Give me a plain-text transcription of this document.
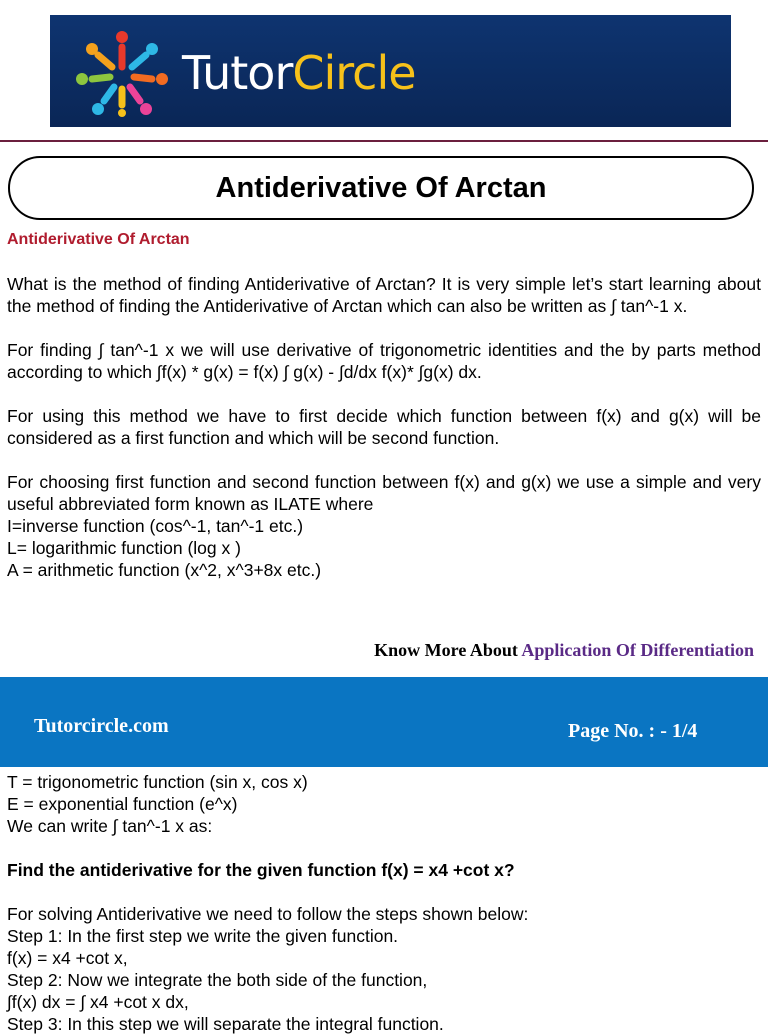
TutorCircle
Antiderivative Of Arctan

Antiderivative Of Arctan

What is the method of finding Antiderivative of Arctan? It is very simple let’s start learning about the method of finding the Antiderivative of Arctan which can also be written as ∫ tan^-1 x.

For finding ∫ tan^-1 x we will use derivative of trigonometric identities and the by parts method according to which ∫f(x) * g(x) = f(x) ∫ g(x) - ∫d/dx f(x)* ∫g(x) dx.

For using this method we have to first decide which function between f(x) and g(x) will be considered as a first function and which will be second function.

For choosing first function and second function between f(x) and g(x) we use a simple and very useful abbreviated form known as ILATE where

I=inverse function (cos^-1, tan^-1 etc.)

L= logarithmic function (log x )

A = arithmetic function (x^2, x^3+8x etc.)

Know More About Application Of Differentiation
Tutorcircle.com	Page No. : - 1/4

T = trigonometric function (sin x, cos x)

E = exponential function (e^x)

We can write ∫ tan^-1 x as:

Find the antiderivative for the given function f(x) = x4 +cot x?

For solving Antiderivative we need to follow the steps shown below:

Step 1: In the first step we write the given function.

f(x) = x4 +cot x,

Step 2: Now we integrate the both side of the function,

∫f(x) dx = ∫ x4 +cot x dx,

Step 3: In this step we will separate the integral function.
